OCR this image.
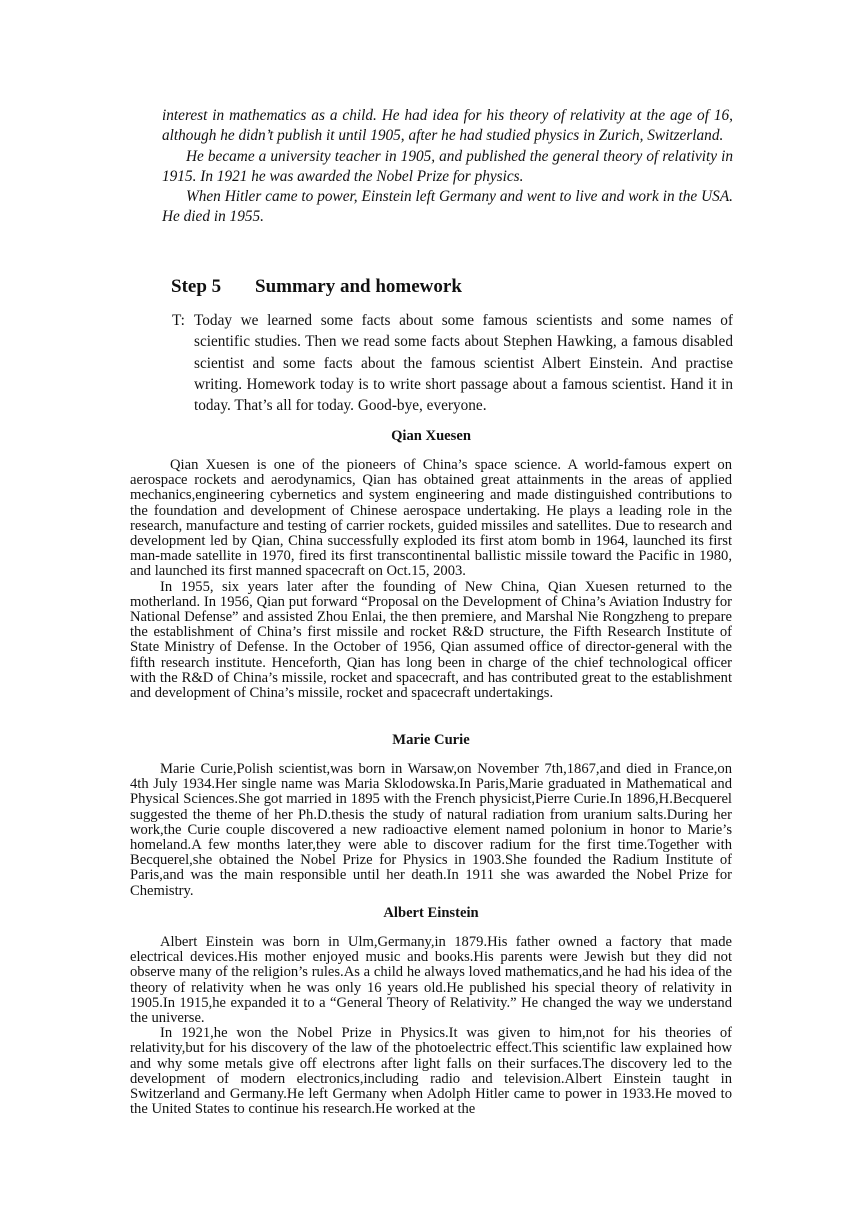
interest in mathematics as a child. He had idea for his theory of relativity at the age of 16, although he didn’t publish it until 1905, after he had studied physics in Zurich, Switzerland.

He became a university teacher in 1905, and published the general theory of relativity in 1915. In 1921 he was awarded the Nobel Prize for physics.

When Hitler came to power, Einstein left Germany and went to live and work in the USA. He died in 1955.

Step 5 Summary and homework
T: Today we learned some facts about some famous scientists and some names of scientific studies. Then we read some facts about Stephen Hawking, a famous disabled scientist and some facts about the famous scientist Albert Einstein. And practise writing. Homework today is to write short passage about a famous scientist. Hand it in today. That’s all for today. Good-bye, everyone.

Qian Xuesen

Qian Xuesen is one of the pioneers of China’s space science. A world-famous expert on aerospace rockets and aerodynamics, Qian has obtained great attainments in the areas of applied mechanics,engineering cybernetics and system engineering and made distinguished contributions to the foundation and development of Chinese aerospace undertaking. He plays a leading role in the research, manufacture and testing of carrier rockets, guided missiles and satellites. Due to research and development led by Qian, China successfully exploded its first atom bomb in 1964, launched its first man-made satellite in 1970, fired its first transcontinental ballistic missile toward the Pacific in 1980, and launched its first manned spacecraft on Oct.15, 2003.

In 1955, six years later after the founding of New China, Qian Xuesen returned to the motherland. In 1956, Qian put forward “Proposal on the Development of China’s Aviation Industry for National Defense” and assisted Zhou Enlai, the then premiere, and Marshal Nie Rongzheng to prepare the establishment of China’s first missile and rocket R&D structure, the Fifth Research Institute of State Ministry of Defense. In the October of 1956, Qian assumed office of director-general with the fifth research institute. Henceforth, Qian has long been in charge of the chief technological officer with the R&D of China’s missile, rocket and spacecraft, and has contributed great to the establishment and development of China’s missile, rocket and spacecraft undertakings.

Marie Curie

Marie Curie,Polish scientist,was born in Warsaw,on November 7th,1867,and died in France,on 4th July 1934.Her single name was Maria Sklodowska.In Paris,Marie graduated in Mathematical and Physical Sciences.She got married in 1895 with the French physicist,Pierre Curie.In 1896,H.Becquerel suggested the theme of her Ph.D.thesis the study of natural radiation from uranium salts.During her work,the Curie couple discovered a new radioactive element named polonium in honor to Marie’s homeland.A few months later,they were able to discover radium for the first time.Together with Becquerel,she obtained the Nobel Prize for Physics in 1903.She founded the Radium Institute of Paris,and was the main responsible until her death.In 1911 she was awarded the Nobel Prize for Chemistry.

Albert Einstein

Albert Einstein was born in Ulm,Germany,in 1879.His father owned a factory that made electrical devices.His mother enjoyed music and books.His parents were Jewish but they did not observe many of the religion’s rules.As a child he always loved mathematics,and he had his idea of the theory of relativity when he was only 16 years old.He published his special theory of relativity in 1905.In 1915,he expanded it to a “General Theory of Relativity.” He changed the way we understand the universe.

In 1921,he won the Nobel Prize in Physics.It was given to him,not for his theories of relativity,but for his discovery of the law of the photoelectric effect.This scientific law explained how and why some metals give off electrons after light falls on their surfaces.The discovery led to the development of modern electronics,including radio and television.Albert Einstein taught in Switzerland and Germany.He left Germany when Adolph Hitler came to power in 1933.He moved to the United States to continue his research.He worked at the
